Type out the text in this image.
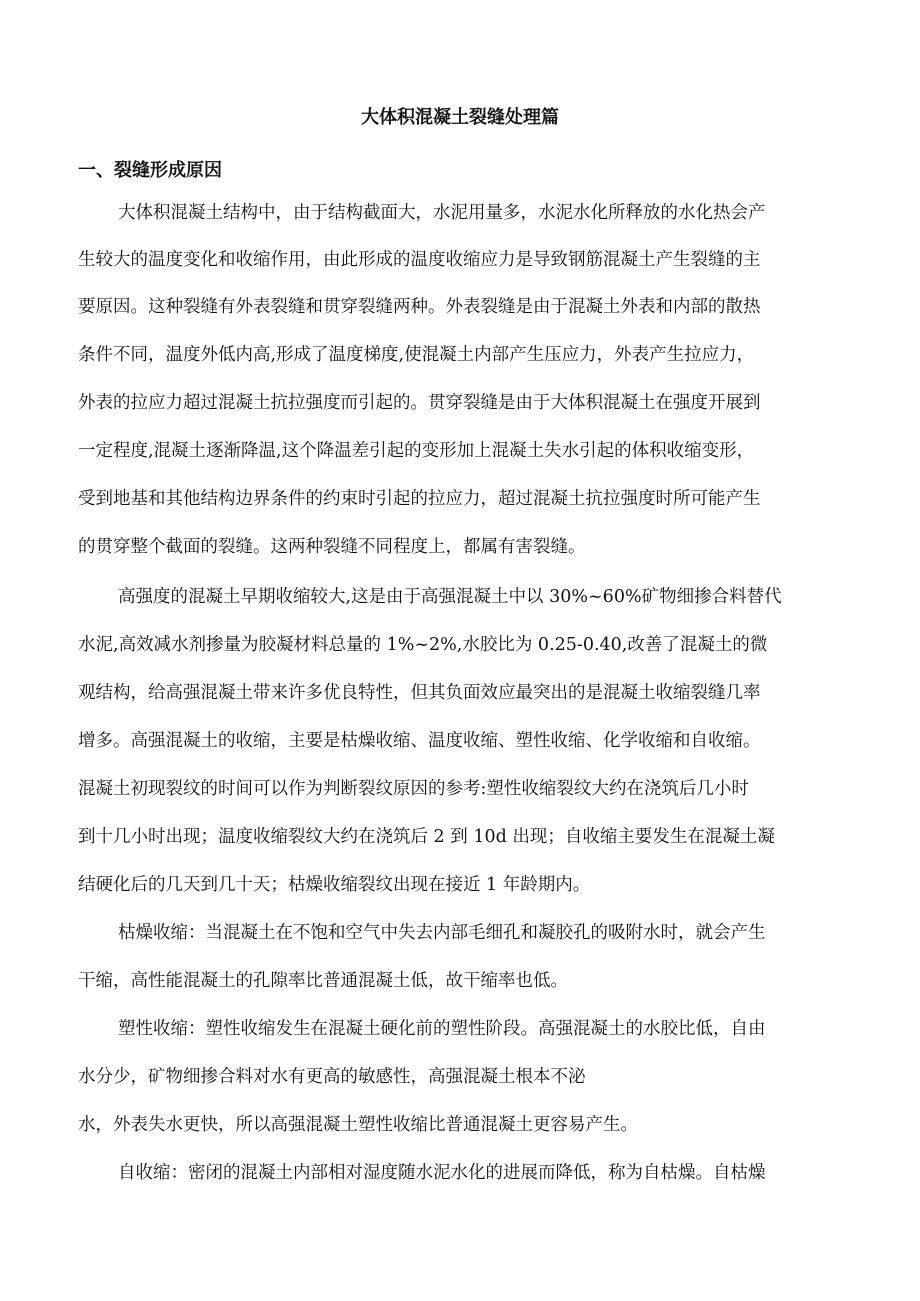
大体积混凝土裂缝处理篇
一、裂缝形成原因
大体积混凝土结构中，由于结构截面大，水泥用量多，水泥水化所释放的水化热会产
生较大的温度变化和收缩作用，由此形成的温度收缩应力是导致钢筋混凝土产生裂缝的主
要原因。这种裂缝有外表裂缝和贯穿裂缝两种。外表裂缝是由于混凝土外表和内部的散热
条件不同，温度外低内高,形成了温度梯度,使混凝土内部产生压应力，外表产生拉应力，
外表的拉应力超过混凝土抗拉强度而引起的。贯穿裂缝是由于大体积混凝土在强度开展到
一定程度,混凝土逐渐降温,这个降温差引起的变形加上混凝土失水引起的体积收缩变形，
受到地基和其他结构边界条件的约束时引起的拉应力，超过混凝土抗拉强度时所可能产生
的贯穿整个截面的裂缝。这两种裂缝不同程度上，都属有害裂缝。
高强度的混凝土早期收缩较大,这是由于高强混凝土中以 30%~60%矿物细掺合料替代
水泥,高效减水剂掺量为胶凝材料总量的 1%~2%,水胶比为 0.25-0.40,改善了混凝土的微
观结构，给高强混凝土带来许多优良特性，但其负面效应最突出的是混凝土收缩裂缝几率
增多。高强混凝土的收缩，主要是枯燥收缩、温度收缩、塑性收缩、化学收缩和自收缩。
混凝土初现裂纹的时间可以作为判断裂纹原因的参考:塑性收缩裂纹大约在浇筑后几小时
到十几小时出现；温度收缩裂纹大约在浇筑后 2 到 10d 出现；自收缩主要发生在混凝土凝
结硬化后的几天到几十天；枯燥收缩裂纹出现在接近 1 年龄期内。
枯燥收缩：当混凝土在不饱和空气中失去内部毛细孔和凝胶孔的吸附水时，就会产生
干缩，高性能混凝土的孔隙率比普通混凝土低，故干缩率也低。
塑性收缩：塑性收缩发生在混凝土硬化前的塑性阶段。高强混凝土的水胶比低，自由
水分少，矿物细掺合料对水有更高的敏感性，高强混凝土根本不泌
水，外表失水更快，所以高强混凝土塑性收缩比普通混凝土更容易产生。
自收缩：密闭的混凝土内部相对湿度随水泥水化的进展而降低，称为自枯燥。自枯燥
